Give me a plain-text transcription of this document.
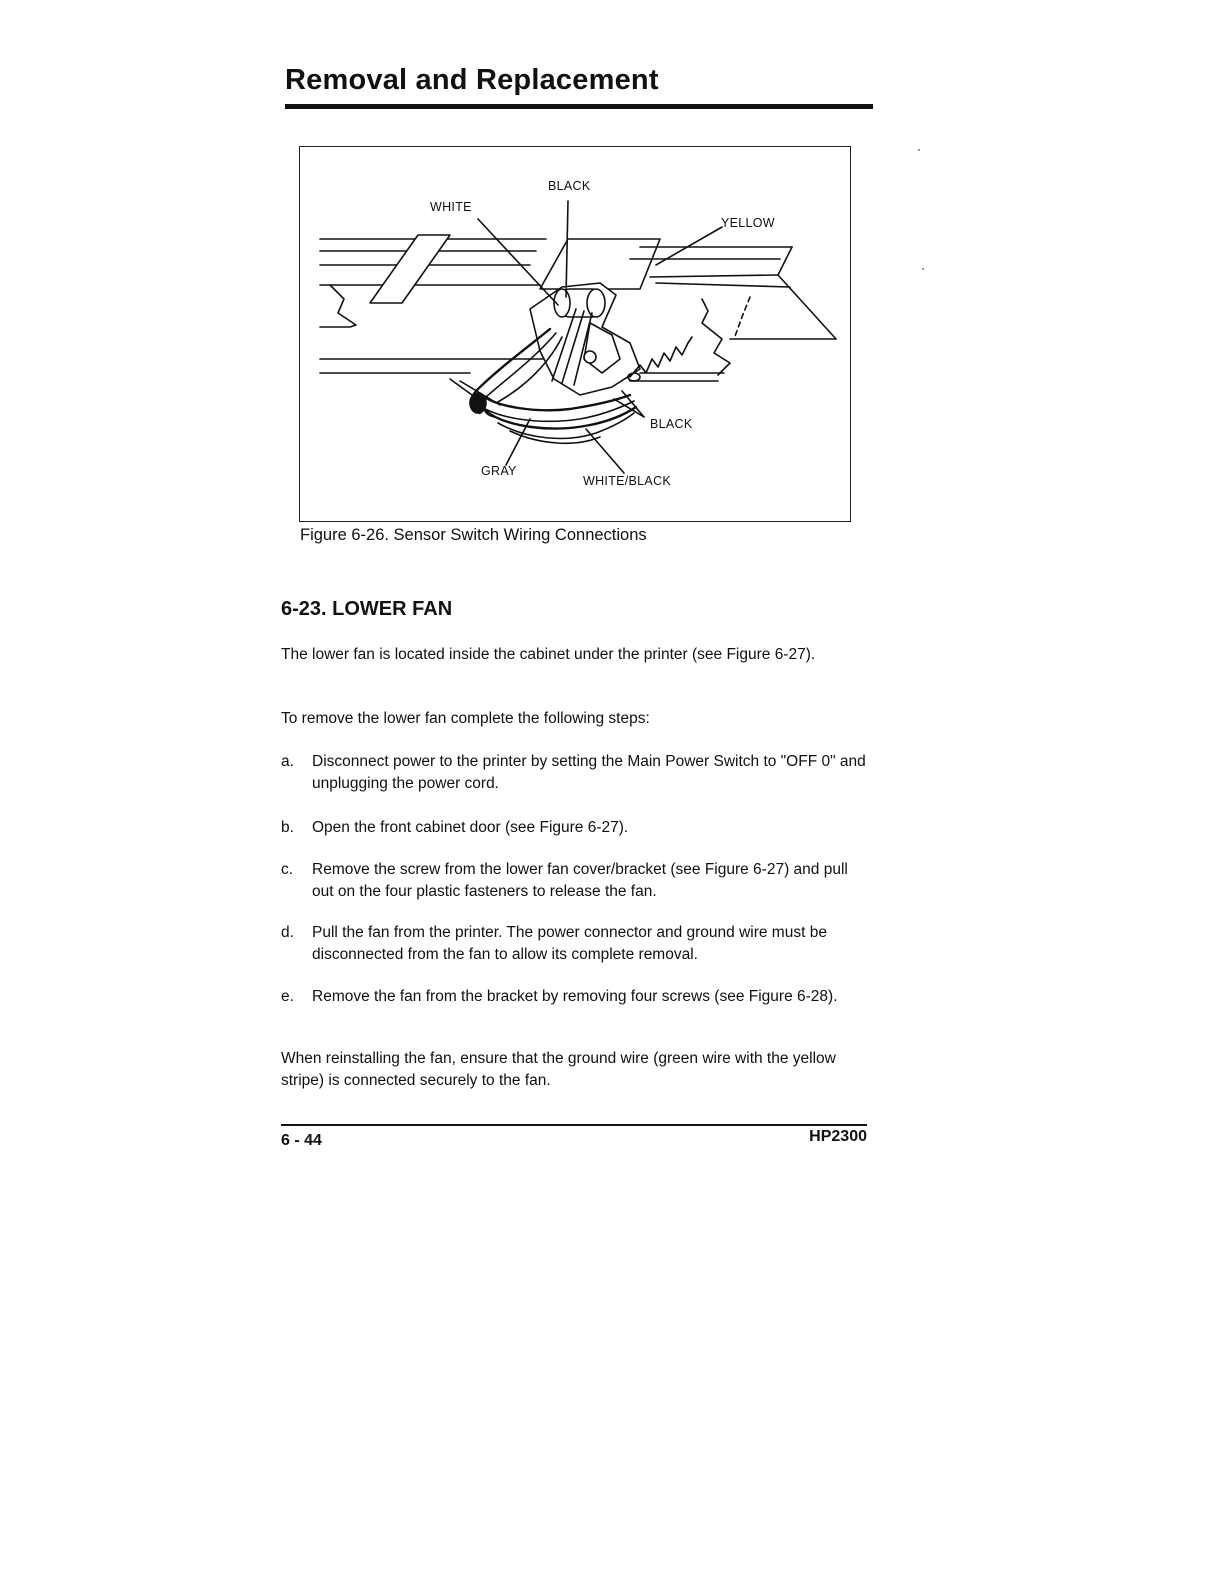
Removal and Replacement
BLACK
WHITE
YELLOW
BLACK
GRAY
WHITE/BLACK
Figure 6-26. Sensor Switch Wiring Connections
6-23. LOWER FAN

The lower fan is located inside the cabinet under the printer (see Figure 6-27).

To remove the lower fan complete the following steps:

a. Disconnect power to the printer by setting the Main Power Switch to "OFF 0" and unplugging the power cord.
b. Open the front cabinet door (see Figure 6-27).
c. Remove the screw from the lower fan cover/bracket (see Figure 6-27) and pull out on the four plastic fasteners to release the fan.
d. Pull the fan from the printer. The power connector and ground wire must be disconnected from the fan to allow its complete removal.
e. Remove the fan from the bracket by removing four screws (see Figure 6-28).

When reinstalling the fan, ensure that the ground wire (green wire with the yellow stripe) is connected securely to the fan.

6 - 44	HP2300
